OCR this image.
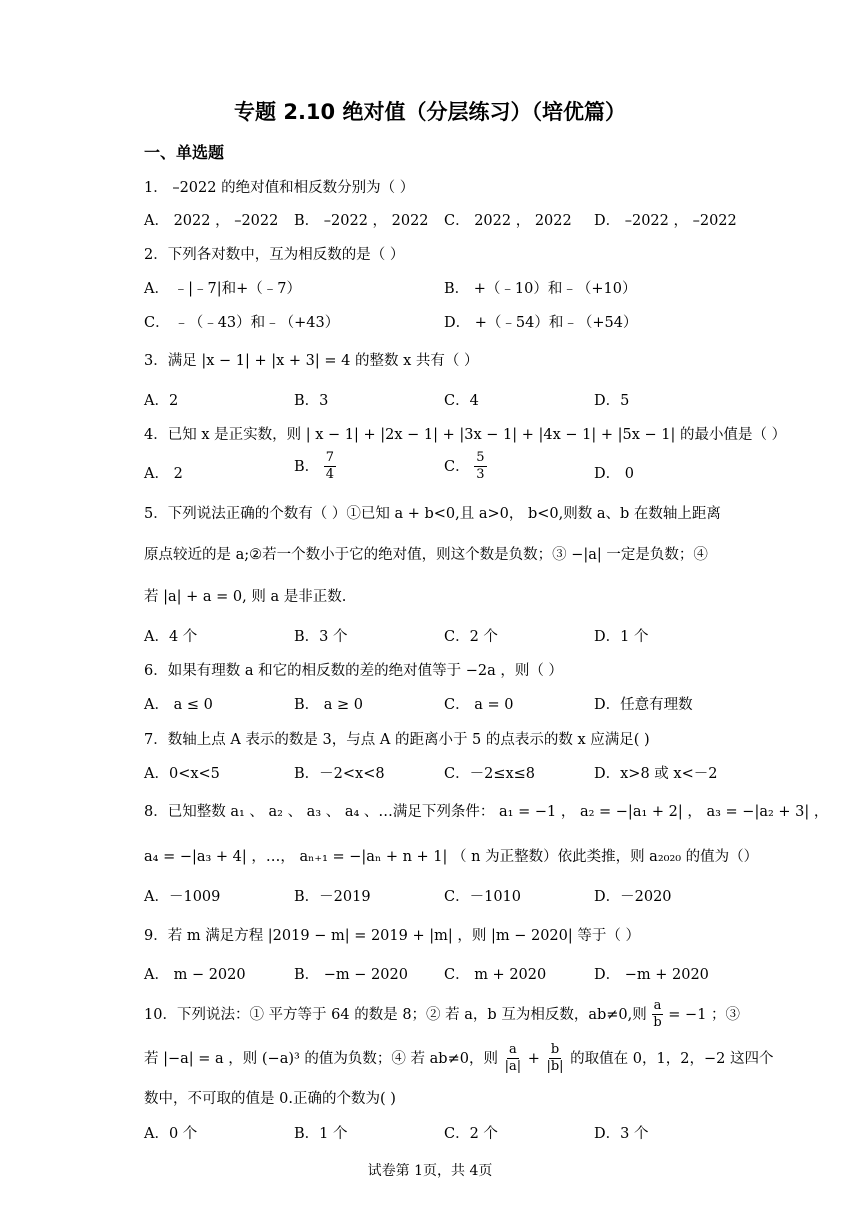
专题 2.10 绝对值（分层练习）（培优篇）
一、单选题
1． –2022 的绝对值和相反数分别为（ ）
A． 2022 ， –2022 B． –2022 ， 2022 C． 2022 ， 2022 D． –2022 ， –2022
2．下列各对数中，互为相反数的是（ ）
A． ﹣|﹣7|和+（﹣7）	B． +（﹣10）和﹣（+10）
C． ﹣（﹣43）和﹣（+43）	D． +（﹣54）和﹣（+54）
3．满足 |x − 1| + |x + 3| = 4 的整数 x 共有（ ）
A．2	B．3	C．4	D．5
4．已知 x 是正实数，则 | x − 1| + |2x − 1| + |3x − 1| + |4x − 1| + |5x − 1| 的最小值是（ ）
A． 2	B． $\frac{7}{4}$	C． $\frac{5}{3}$	D． 0
5．下列说法正确的个数有（ ）①已知 a + b<0,且 a>0， b<0,则数 a、b 在数轴上距离
原点较近的是 a;②若一个数小于它的绝对值，则这个数是负数；③ −|a| 一定是负数；④
若 |a| + a = 0, 则 a 是非正数.
A．4 个	B．3 个	C．2 个	D．1 个
6．如果有理数 a 和它的相反数的差的绝对值等于 −2a ，则（ ）
A． a ≤ 0	B． a ≥ 0	C． a = 0	D．任意有理数
7．数轴上点 A 表示的数是 3，与点 A 的距离小于 5 的点表示的数 x 应满足( )
A．0<x<5	B．－2<x<8	C．－2≤x≤8	D．x>8 或 x<－2
8．已知整数 a₁ 、 a₂ 、 a₃ 、 a₄ 、…满足下列条件： a₁ = −1 ， a₂ = −|a₁ + 2| ， a₃ = −|a₂ + 3| ，
a₄ = −|a₃ + 4| ，…， aₙ₊₁ = −|aₙ + n + 1| （ n 为正整数）依此类推，则 a₂₀₂₀ 的值为（）
A．－1009	B．－2019	C．－1010	D．－2020
9．若 m 满足方程 |2019 − m| = 2019 + |m| ，则 |m − 2020| 等于（ ）
A． m − 2020	B． −m − 2020 C． m + 2020	D． −m + 2020
10．下列说法：① 平方等于 64 的数是 8；② 若 a，b 互为相反数，ab≠0,则 $\frac{a}{b} = -1$ ；③
若 |−a| = a ，则 (−a)³ 的值为负数；④ 若 ab≠0，则 $\frac{a}{|a|} + \frac{b}{|b|}$ 的取值在 0，1，2，−2 这四个
数中，不可取的值是 0.正确的个数为( )
A．0 个	B．1 个	C．2 个	D．3 个
试卷第 1页，共 4页
